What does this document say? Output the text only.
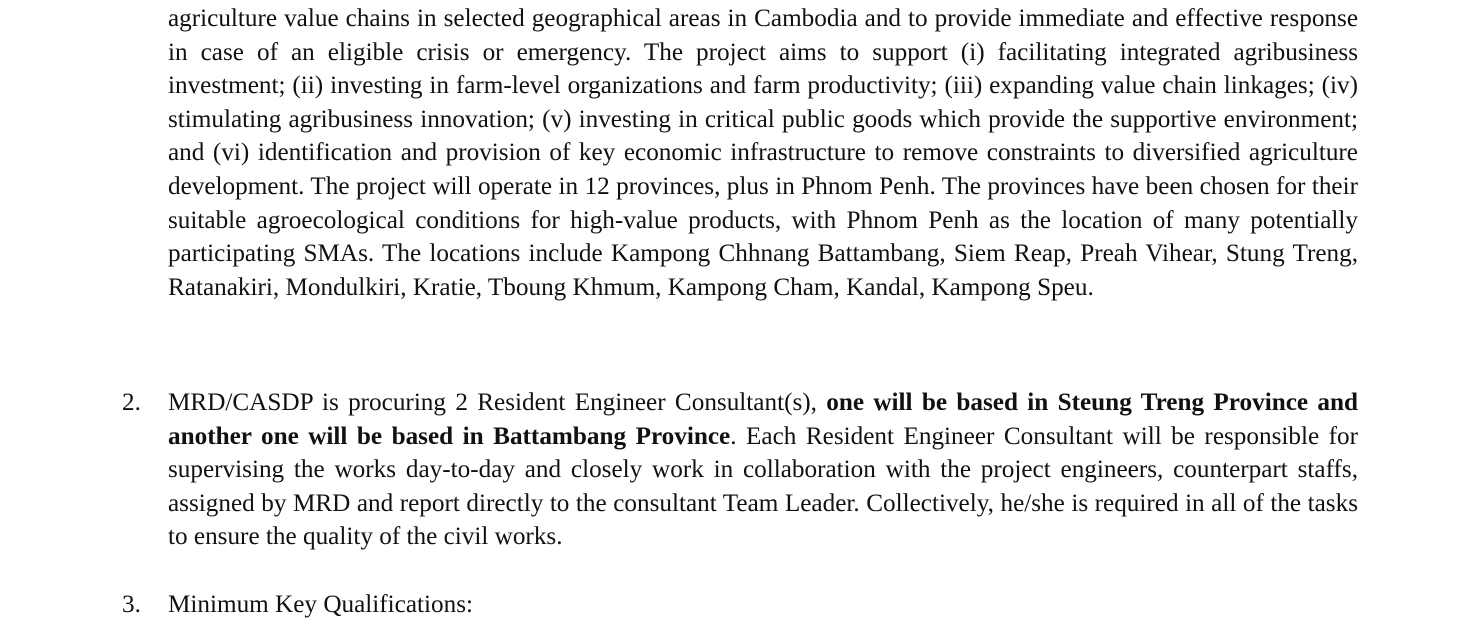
agriculture value chains in selected geographical areas in Cambodia and to provide immediate and effective response in case of an eligible crisis or emergency. The project aims to support (i) facilitating integrated agribusiness investment; (ii) investing in farm-level organizations and farm productivity; (iii) expanding value chain linkages; (iv) stimulating agribusiness innovation; (v) investing in critical public goods which provide the supportive environment; and (vi) identification and provision of key economic infrastructure to remove constraints to diversified agriculture development. The project will operate in 12 provinces, plus in Phnom Penh. The provinces have been chosen for their suitable agroecological conditions for high-value products, with Phnom Penh as the location of many potentially participating SMAs. The locations include Kampong Chhnang Battambang, Siem Reap, Preah Vihear, Stung Treng, Ratanakiri, Mondulkiri, Kratie, Tboung Khmum, Kampong Cham, Kandal, Kampong Speu.

2. MRD/CASDP is procuring 2 Resident Engineer Consultant(s), one will be based in Steung Treng Province and another one will be based in Battambang Province. Each Resident Engineer Consultant will be responsible for supervising the works day-to-day and closely work in collaboration with the project engineers, counterpart staffs, assigned by MRD and report directly to the consultant Team Leader. Collectively, he/she is required in all of the tasks to ensure the quality of the civil works.

3. Minimum Key Qualifications:
